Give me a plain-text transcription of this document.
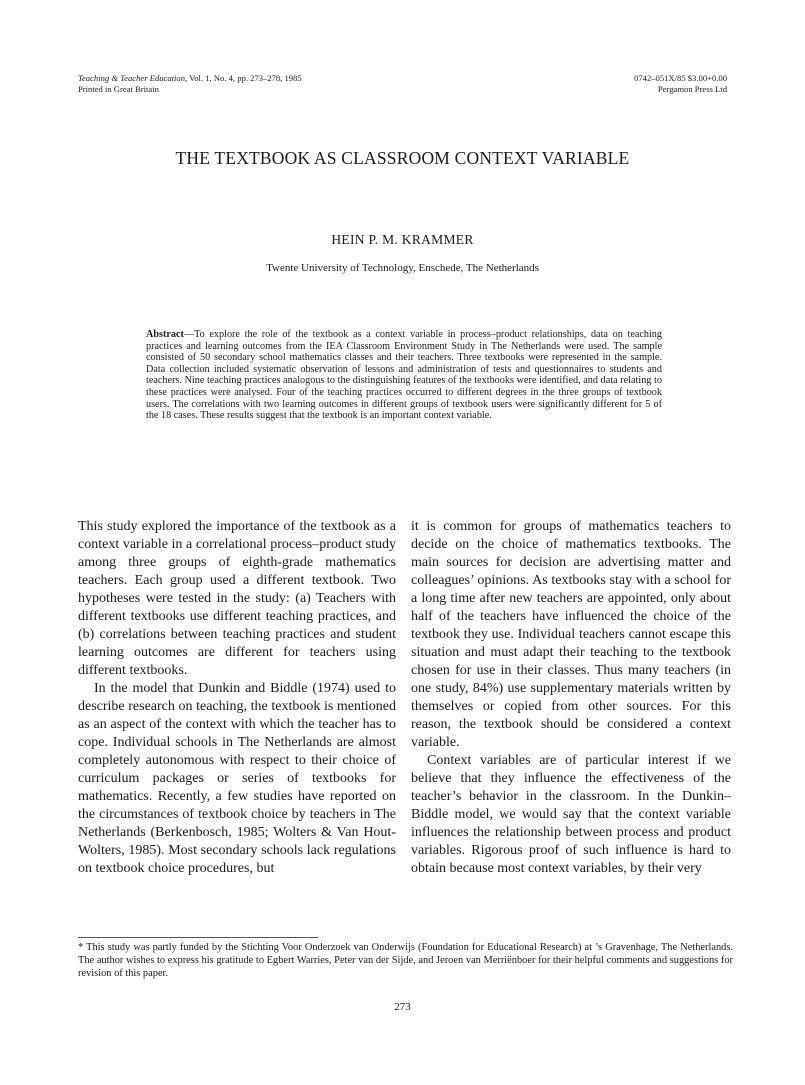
Teaching & Teacher Education, Vol. 1, No. 4, pp. 273–278, 1985
Printed in Great Britain
0742–051X/85 $3.00+0.00
Pergamon Press Ltd
THE TEXTBOOK AS CLASSROOM CONTEXT VARIABLE
HEIN P. M. KRAMMER
Twente University of Technology, Enschede, The Netherlands
Abstract—To explore the role of the textbook as a context variable in process–product relationships, data on teaching practices and learning outcomes from the IEA Classroom Environment Study in The Netherlands were used. The sample consisted of 50 secondary school mathematics classes and their teachers. Three textbooks were represented in the sample. Data collection included systematic observation of lessons and administration of tests and questionnaires to students and teachers. Nine teaching practices analogous to the distinguishing features of the textbooks were identified, and data relating to these practices were analysed. Four of the teaching practices occurred to different degrees in the three groups of textbook users. The correlations with two learning outcomes in different groups of textbook users were significantly different for 5 of the 18 cases. These results suggest that the textbook is an important context variable.

This study explored the importance of the textbook as a context variable in a correlational process–product study among three groups of eighth-grade mathematics teachers. Each group used a different textbook. Two hypotheses were tested in the study: (a) Teachers with different textbooks use different teaching practices, and (b) correlations between teaching practices and student learning outcomes are different for teachers using different textbooks.

In the model that Dunkin and Biddle (1974) used to describe research on teaching, the textbook is mentioned as an aspect of the context with which the teacher has to cope. Individual schools in The Netherlands are almost completely autonomous with respect to their choice of curriculum packages or series of textbooks for mathematics. Recently, a few studies have reported on the circumstances of textbook choice by teachers in The Netherlands (Berkenbosch, 1985; Wolters & Van Hout-Wolters, 1985). Most secondary schools lack regulations on textbook choice procedures, but

it is common for groups of mathematics teachers to decide on the choice of mathematics textbooks. The main sources for decision are advertising matter and colleagues’ opinions. As textbooks stay with a school for a long time after new teachers are appointed, only about half of the teachers have influenced the choice of the textbook they use. Individual teachers cannot escape this situation and must adapt their teaching to the textbook chosen for use in their classes. Thus many teachers (in one study, 84%) use supplementary materials written by themselves or copied from other sources. For this reason, the textbook should be considered a context variable.

Context variables are of particular interest if we believe that they influence the effectiveness of the teacher’s behavior in the classroom. In the Dunkin–Biddle model, we would say that the context variable influences the relationship between process and product variables. Rigorous proof of such influence is hard to obtain because most context variables, by their very

* This study was partly funded by the Stichting Voor Onderzoek van Onderwijs (Foundation for Educational Research) at ’s Gravenhage, The Netherlands. The author wishes to express his gratitude to Egbert Warries, Peter van der Sijde, and Jeroen van Merriënboer for their helpful comments and suggestions for revision of this paper.
273
